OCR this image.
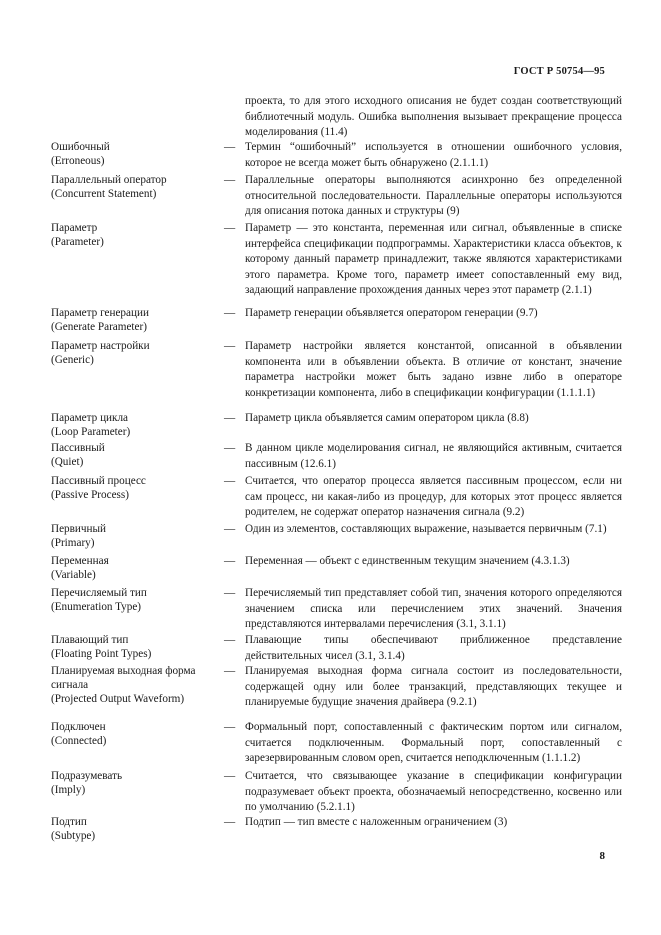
ГОСТ Р 50754—95
проекта, то для этого исходного описания не будет создан соответствующий библиотечный модуль. Ошибка выполнения вызывает прекращение процесса моделирования (11.4)
Ошибочный
(Erroneous)
— Термин “ошибочный” используется в отношении ошибочного условия, которое не всегда может быть обнаружено (2.1.1.1)
Параллельный оператор
(Concurrent Statement)
— Параллельные операторы выполняются асинхронно без определенной относительной последовательности. Параллельные операторы используются для описания потока данных и структуры (9)
Параметр
(Parameter)
— Параметр — это константа, переменная или сигнал, объявленные в списке интерфейса спецификации подпрограммы. Характеристики класса объектов, к которому данный параметр принадлежит, также являются характеристиками этого параметра. Кроме того, параметр имеет сопоставленный ему вид, задающий направление прохождения данных через этот параметр (2.1.1)
Параметр генерации
(Generate Parameter)
— Параметр генерации объявляется оператором генерации (9.7)
Параметр настройки
(Generic)
— Параметр настройки является константой, описанной в объявлении компонента или в объявлении объекта. В отличие от констант, значение параметра настройки может быть задано извне либо в операторе конкретизации компонента, либо в спецификации конфигурации (1.1.1.1)
Параметр цикла
(Loop Parameter)
— Параметр цикла объявляется самим оператором цикла (8.8)
Пассивный
(Quiet)
— В данном цикле моделирования сигнал, не являющийся активным, считается пассивным (12.6.1)
Пассивный процесс
(Passive Process)
— Считается, что оператор процесса является пассивным процессом, если ни сам процесс, ни какая-либо из процедур, для которых этот процесс является родителем, не содержат оператор назначения сигнала (9.2)
Первичный
(Primary)
— Один из элементов, составляющих выражение, называется первичным (7.1)
Переменная
(Variable)
— Переменная — объект с единственным текущим значением (4.3.1.3)
Перечисляемый тип
(Enumeration Type)
— Перечисляемый тип представляет собой тип, значения которого определяются значением списка или перечислением этих значений. Значения представляются интервалами перечисления (3.1, 3.1.1)
Плавающий тип
(Floating Point Types)
— Плавающие типы обеспечивают приближенное представление действительных чисел (3.1, 3.1.4)
Планируемая выходная форма сигнала
(Projected Output Waveform)
— Планируемая выходная форма сигнала состоит из последовательности, содержащей одну или более транзакций, представляющих текущее и планируемые будущие значения драйвера (9.2.1)
Подключен
(Connected)
— Формальный порт, сопоставленный с фактическим портом или сигналом, считается подключенным. Формальный порт, сопоставленный с зарезервированным словом open, считается неподключенным (1.1.1.2)
Подразумевать
(Imply)
— Считается, что связывающее указание в спецификации конфигурации подразумевает объект проекта, обозначаемый непосредственно, косвенно или по умолчанию (5.2.1.1)
Подтип
(Subtype)
— Подтип — тип вместе с наложенным ограничением (3)
8
